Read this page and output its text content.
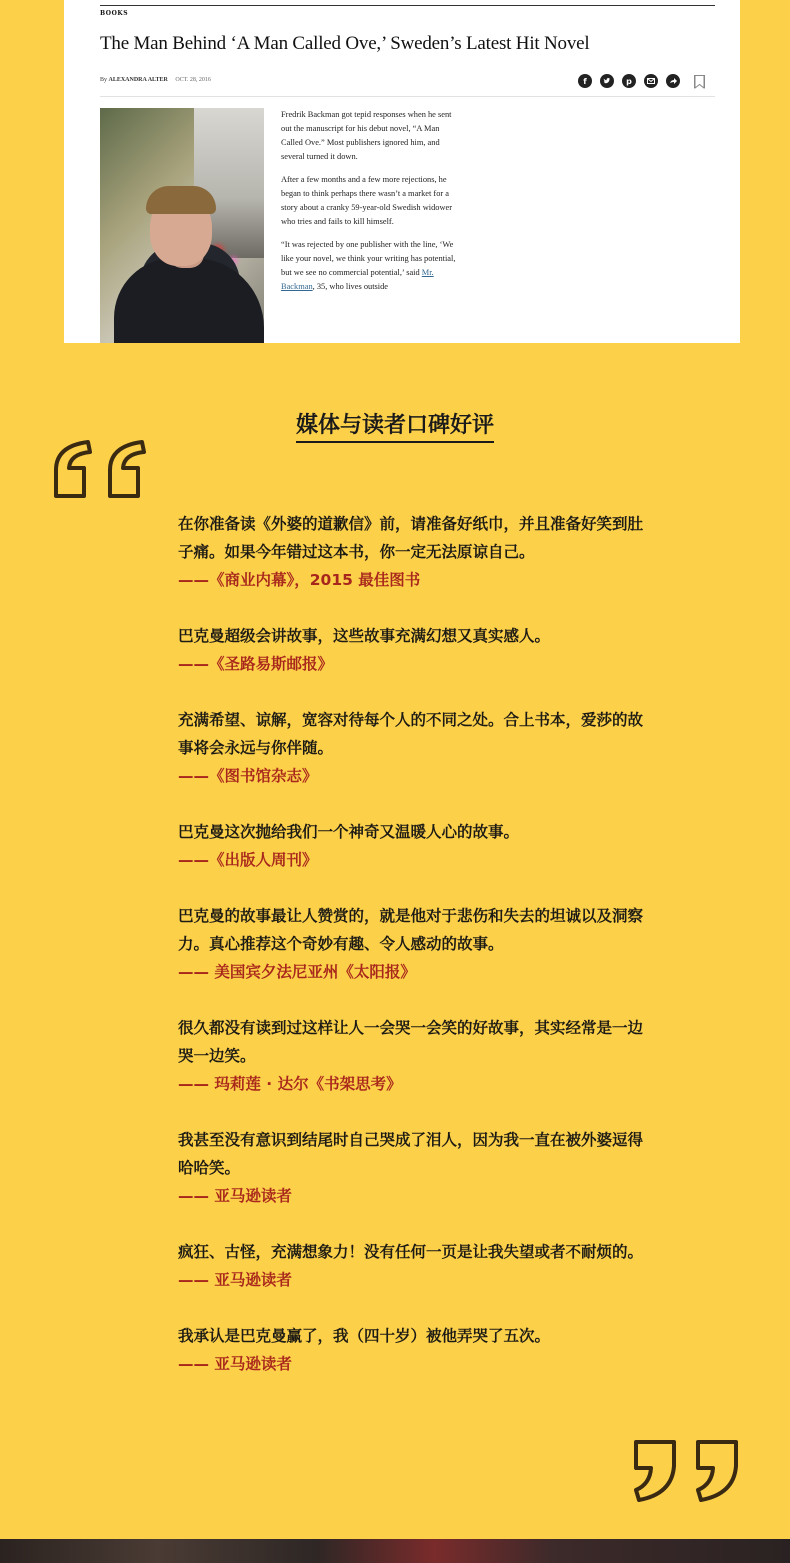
BOOKS
The Man Behind ‘A Man Called Ove,’ Sweden’s Latest Hit Novel
By ALEXANDRA ALTER OCT. 28, 2016	f	p

Fredrik Backman got tepid responses when he sent out the manuscript for his debut novel, “A Man Called Ove.” Most publishers ignored him, and several turned it down.

After a few months and a few more rejections, he began to think perhaps there wasn’t a market for a story about a cranky 59-year-old Swedish widower who tries and fails to kill himself.

“It was rejected by one publisher with the line, ‘We like your novel, we think your writing has potential, but we see no commercial potential,’ said Mr. Backman, 35, who lives outside

媒体与读者口碑好评
在你准备读《外婆的道歉信》前，请准备好纸巾，并且准备好笑到肚子痛。如果今年错过这本书，你一定无法原谅自己。
——《商业内幕》，2015 最佳图书
巴克曼超级会讲故事，这些故事充满幻想又真实感人。
——《圣路易斯邮报》
充满希望、谅解，宽容对待每个人的不同之处。合上书本，爱莎的故事将会永远与你伴随。
——《图书馆杂志》
巴克曼这次抛给我们一个神奇又温暖人心的故事。
——《出版人周刊》
巴克曼的故事最让人赞赏的，就是他对于悲伤和失去的坦诚以及洞察力。真心推荐这个奇妙有趣、令人感动的故事。
—— 美国宾夕法尼亚州《太阳报》
很久都没有读到过这样让人一会哭一会笑的好故事，其实经常是一边哭一边笑。
—— 玛莉莲 · 达尔《书架思考》
我甚至没有意识到结尾时自己哭成了泪人，因为我一直在被外婆逗得哈哈笑。
—— 亚马逊读者
疯狂、古怪，充满想象力！没有任何一页是让我失望或者不耐烦的。
—— 亚马逊读者
我承认是巴克曼赢了，我（四十岁）被他弄哭了五次。
—— 亚马逊读者
